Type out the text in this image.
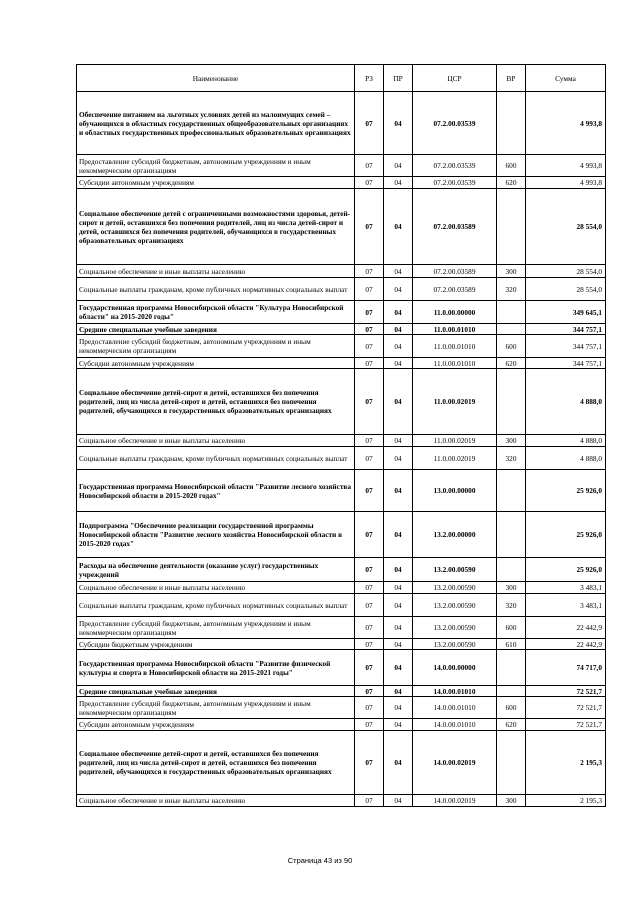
Наименование	РЗ	ПР	ЦСР	ВР	Сумма
Обеспечение питанием на льготных условиях детей из малоимущих семей – обучающихся в областных государственных общеобразовательных организациях и областных государственных профессиональных образовательных организациях	07	04	07.2.00.03539		4 993,8
Предоставление субсидий бюджетным, автономным учреждениям и иным некоммерческим организациям	07	04	07.2.00.03539	600	4 993,8
Субсидии автономным учреждениям	07	04	07.2.00.03539	620	4 993,8
Социальное обеспечение детей с ограниченными возможностями здоровья, детей-сирот и детей, оставшихся без попечения родителей, лиц из числа детей-сирот и детей, оставшихся без попечения родителей, обучающихся в государственных образовательных организациях	07	04	07.2.00.03589		28 554,0
Социальное обеспечение и иные выплаты населению	07	04	07.2.00.03589	300	28 554,0
Социальные выплаты гражданам, кроме публичных нормативных социальных выплат	07	04	07.2.00.03589	320	28 554,0
Государственная программа Новосибирской области "Культура Новосибирской области" на 2015-2020 годы"	07	04	11.0.00.00000		349 645,1
Средние специальные учебные заведения	07	04	11.0.00.01010		344 757,1
Предоставление субсидий бюджетным, автономным учреждениям и иным некоммерческим организациям	07	04	11.0.00.01010	600	344 757,1
Субсидии автономным учреждениям	07	04	11.0.00.01010	620	344 757,1
Социальное обеспечение детей-сирот и детей, оставшихся без попечения родителей, лиц из числа детей-сирот и детей, оставшихся без попечения родителей, обучающихся в государственных образовательных организациях	07	04	11.0.00.02019		4 888,0
Социальное обеспечение и иные выплаты населению	07	04	11.0.00.02019	300	4 888,0
Социальные выплаты гражданам, кроме публичных нормативных социальных выплат	07	04	11.0.00.02019	320	4 888,0
Государственная программа Новосибирской области "Развитие лесного хозяйства Новосибирской области в 2015-2020 годах"	07	04	13.0.00.00000		25 926,0
Подпрограмма "Обеспечение реализации государственной программы Новосибирской области "Развитие лесного хозяйства Новосибирской области в 2015-2020 годах"	07	04	13.2.00.00000		25 926,0
Расходы на обеспечение деятельности (оказание услуг) государственных учреждений	07	04	13.2.00.00590		25 926,0
Социальное обеспечение и иные выплаты населению	07	04	13.2.00.00590	300	3 483,1
Социальные выплаты гражданам, кроме публичных нормативных социальных выплат	07	04	13.2.00.00590	320	3 483,1
Предоставление субсидий бюджетным, автономным учреждениям и иным некоммерческим организациям	07	04	13.2.00.00590	600	22 442,9
Субсидии бюджетным учреждениям	07	04	13.2.00.00590	610	22 442,9
Государственная программа Новосибирской области "Развитие физической культуры и спорта в Новосибирской области на 2015-2021 годы"	07	04	14.0.00.00000		74 717,0
Средние специальные учебные заведения	07	04	14.0.00.01010		72 521,7
Предоставление субсидий бюджетным, автономным учреждениям и иным некоммерческим организациям	07	04	14.0.00.01010	600	72 521,7
Субсидии автономным учреждениям	07	04	14.0.00.01010	620	72 521,7
Социальное обеспечение детей-сирот и детей, оставшихся без попечения родителей, лиц из числа детей-сирот и детей, оставшихся без попечения родителей, обучающихся в государственных образовательных организациях	07	04	14.0.00.02019		2 195,3
Социальное обеспечение и иные выплаты населению	07	04	14.0.00.02019	300	2 195,3
Страница 43 из 90
